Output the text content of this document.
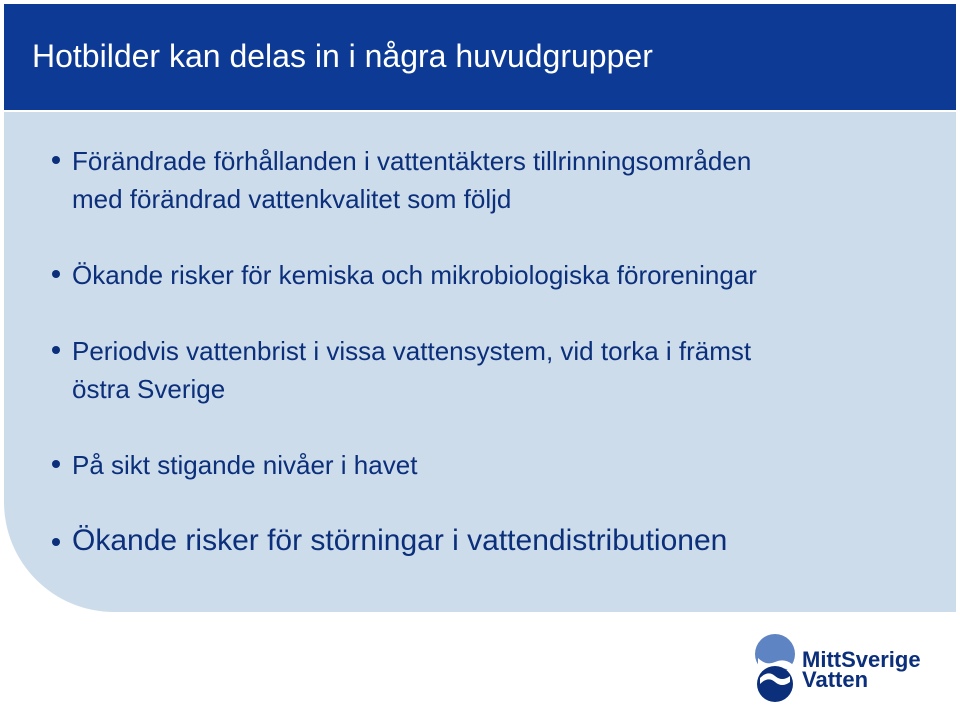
Hotbilder kan delas in i några huvudgrupper
Förändrade förhållanden i vattentäkters tillrinningsområden
med förändrad vattenkvalitet som följd
Ökande risker för kemiska och mikrobiologiska föroreningar
Periodvis vattenbrist i vissa vattensystem, vid torka i främst
östra Sverige
På sikt stigande nivåer i havet
Ökande risker för störningar i vattendistributionen
MittSverige
Vatten
